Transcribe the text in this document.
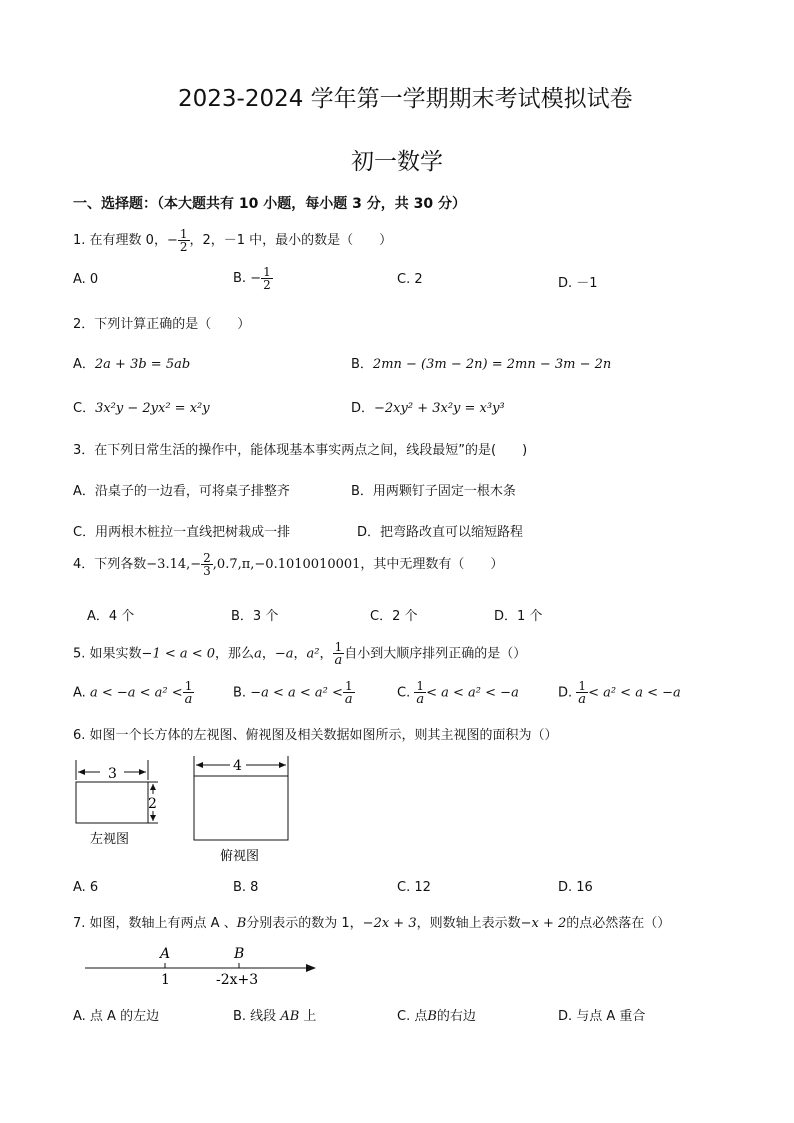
2023-2024 学年第一学期期末考试模拟试卷
初一数学
一、选择题：（本大题共有 10 小题，每小题 3 分，共 30 分）
1. 在有理数 0，− $\frac{1}{2}$ ，2，－1 中，最小的数是（　　）
A. 0	B. − $\frac{1}{2}$	C. 2	D. －1
2．下列计算正确的是（　　）
A．2a + 3b = 5ab	B．2mn − (3m − 2n) = 2mn − 3m − 2n
C．3x²y − 2yx² = x²y	D．−2xy² + 3x²y = x³y³
3．在下列日常生活的操作中，能体现基本事实两点之间，线段最短”的是(　　)
A．沿桌子的一边看，可将桌子排整齐	B．用两颗钉子固定一根木条
C．用两根木桩拉一直线把树栽成一排	D．把弯路改直可以缩短路程
4．下列各数$-3.14,- \frac{2}{3}$ ,0.7̇,π,−0.1010010001，其中无理数有（　　）
A．4 个	B．3 个	C．2 个	D．1 个
5. 如果实数−1 < a < 0，那么a，−a，a²， $\frac{1}{a}$ 自小到大顺序排列正确的是（）
A. $a < -a < a^2 < \frac{1}{a}$	B. $-a < a < a^2 < \frac{1}{a}$	C. $\frac{1}{a} < a < a^2 < -a$	D. $\frac{1}{a} < a^2 < a < -a$
6. 如图一个长方体的左视图、俯视图及相关数据如图所示，则其主视图的面积为（）
3
2
左视图
4
俯视图
A. 6	B. 8	C. 12	D. 16
7. 如图，数轴上有两点 A 、B分别表示的数为 1，−2x + 3，则数轴上表示数−x + 2的点必然落在（）
A	B
1	-2x+3
A. 点 A 的左边	B. 线段 AB 上	C. 点B的右边	D. 与点 A 重合
